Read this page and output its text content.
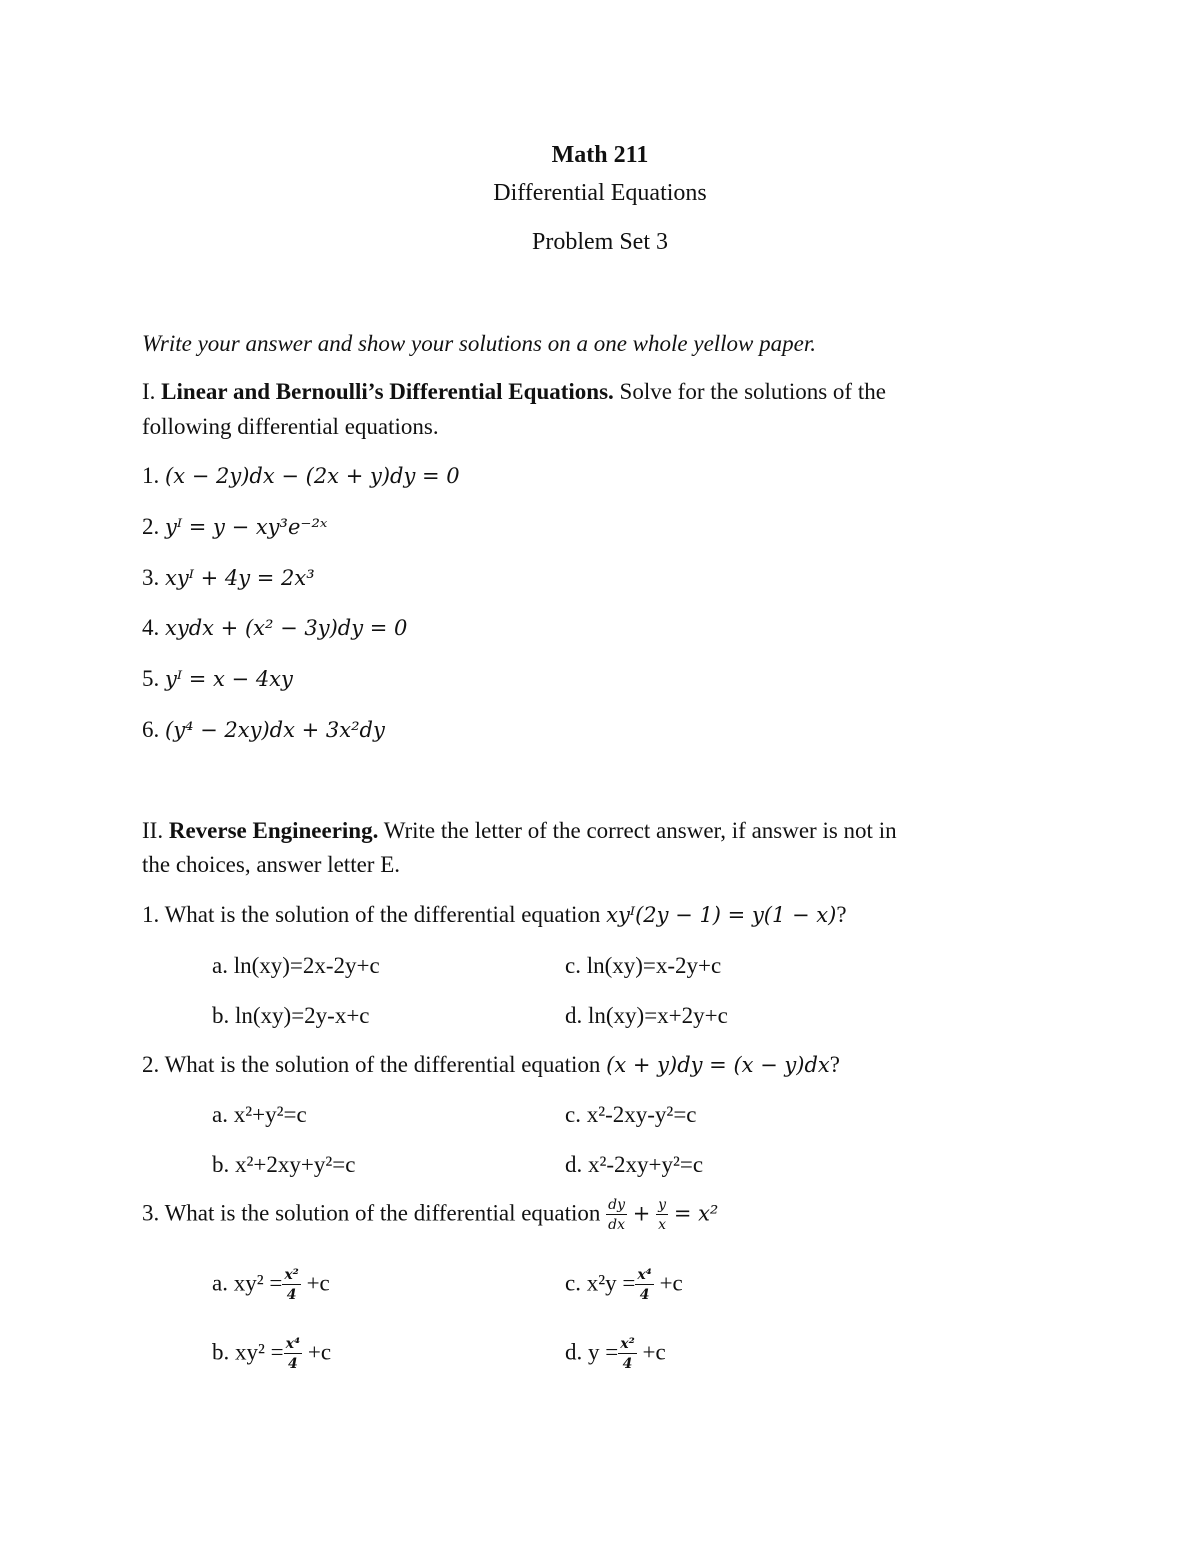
Math 211
Differential Equations
Problem Set 3
Write your answer and show your solutions on a one whole yellow paper.
I. Linear and Bernoulli’s Differential Equations. Solve for the solutions of the
following differential equations.
1. (x − 2y)dx − (2x + y)dy = 0
2. yᴵ = y − xy³e⁻²ˣ
3. xyᴵ + 4y = 2x³
4. xydx + (x² − 3y)dy = 0
5. yᴵ = x − 4xy
6. (y⁴ − 2xy)dx + 3x²dy
II. Reverse Engineering. Write the letter of the correct answer, if answer is not in
the choices, answer letter E.
1. What is the solution of the differential equation xyᴵ(2y − 1) = y(1 − x)?
a. ln(xy)=2x-2y+c	c. ln(xy)=x-2y+c
b. ln(xy)=2y-x+c	d. ln(xy)=x+2y+c
2. What is the solution of the differential equation (x + y)dy = (x − y)dx?
a. x²+y²=c	c. x²-2xy-y²=c
b. x²+2xy+y²=c	d. x²-2xy+y²=c
3. What is the solution of the differential equation $\frac{dy}{dx} + \frac{y}{x} = x^2$
a. $xy^2 = \frac{\text{x²}}{4} +c$	c. $x^2y = \frac{\text{x⁴}}{4} +c$
b. $xy^2 = \frac{\text{x⁴}}{4} +c$	d. $y = \frac{\text{x²}}{4} +c$
